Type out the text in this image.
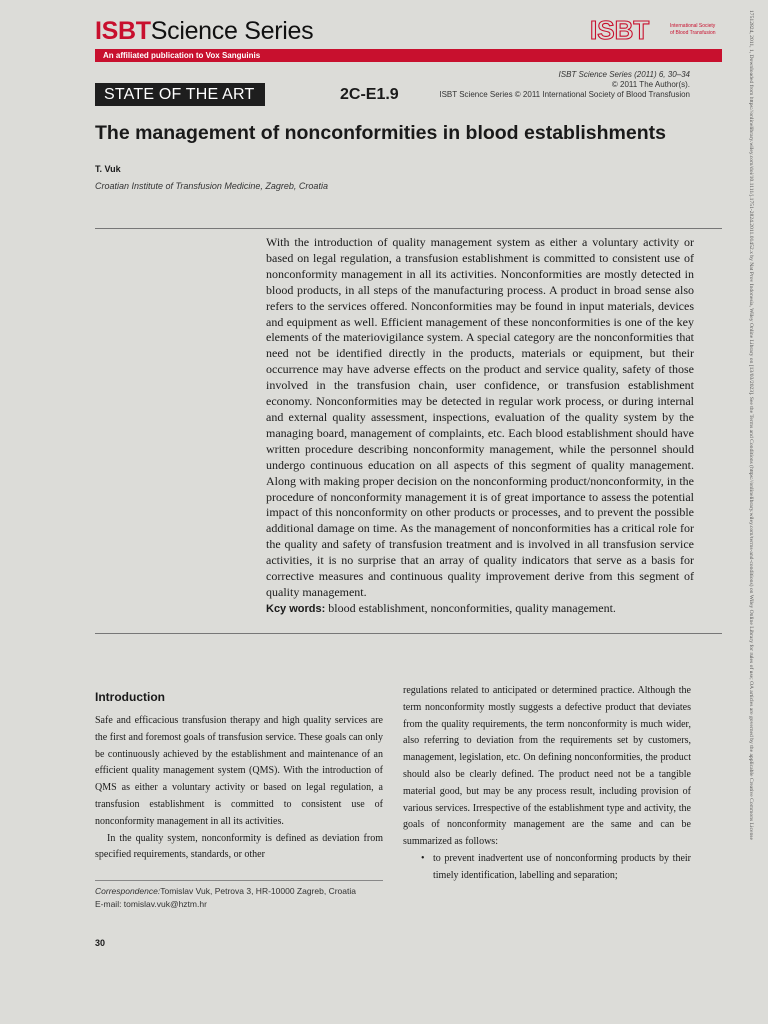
ISBTScience Series	ISBT	International Society
of Blood Transfusion
An affiliated publication to Vox Sanguinis
STATE OF THE ART	2C-E1.9
ISBT Science Series (2011) 6, 30–34
© 2011 The Author(s).
ISBT Science Series © 2011 International Society of Blood Transfusion
The management of nonconformities in blood establishments
T. Vuk
Croatian Institute of Transfusion Medicine, Zagreb, Croatia

With the introduction of quality management system as either a voluntary activity or based on legal regulation, a transfusion establishment is committed to consistent use of nonconformity management in all its activities. Nonconformities are mostly detected in blood products, in all steps of the manufacturing process. A product in broad sense also refers to the services offered. Nonconformities may be found in input materials, devices and equipment as well. Efficient management of these nonconformities is one of the key elements of the materiovigilance system. A special category are the nonconformities that need not be identified directly in the products, materials or equipment, but their occurrence may have adverse effects on the product and service quality, safety of those involved in the transfusion chain, user confidence, or transfusion establishment economy. Nonconformities may be detected in regular work process, or during internal and external quality assessment, inspections, evaluation of the quality system by the managing board, management of complaints, etc. Each blood establishment should have written procedure describing nonconformity management, while the personnel should undergo continuous education on all aspects of this segment of quality management. Along with making proper decision on the nonconforming product/nonconformity, in the procedure of nonconformity management it is of great importance to assess the potential impact of this nonconformity on other products or processes, and to prevent the possible additional damage on time. As the management of nonconformities has a critical role for the quality and safety of transfusion treatment and is involved in all transfusion service activities, it is no surprise that an array of quality indicators that serve as a basis for corrective measures and continuous quality improvement derive from this segment of quality management.

Kcy words: blood establishment, nonconformities, quality management.

Introduction

Safe and efficacious transfusion therapy and high quality services are the first and foremost goals of transfusion service. These goals can only be continuously achieved by the establishment and maintenance of an efficient quality management system (QMS). With the introduction of QMS as either a voluntary activity or based on legal regulation, a transfusion establishment is committed to consistent use of nonconformity management in all its activities.

In the quality system, nonconformity is defined as deviation from specified requirements, standards, or other

regulations related to anticipated or determined practice. Although the term nonconformity mostly suggests a defective product that deviates from the quality requirements, the term nonconformity is much wider, also referring to deviation from the requirements set by customers, management, legislation, etc. On defining nonconformities, the product should also be clearly defined. The product need not be a tangible material good, but may be any process result, including provision of various services. Irrespective of the establishment type and activity, the goals of nonconformity management are the same and can be summarized as follows:

• to prevent inadvertent use of nonconforming products by their timely identification, labelling and separation;
Correspondence:Tomislav Vuk, Petrova 3, HR-10000 Zagreb, Croatia
E-mail: tomislav.vuk@hztm.hr
30
17512824, 2011, 1, Downloaded from https://onlinelibrary.wiley.com/doi/10.1111/j.1751-2824.2011.01452.x by Nat Prov Indonesia, Wiley Online Library on [13/03/2023]. See the Terms and Conditions (https://onlinelibrary.wiley.com/terms-and-conditions) on Wiley Online Library for rules of use; OA articles are governed by the applicable Creative Commons License
